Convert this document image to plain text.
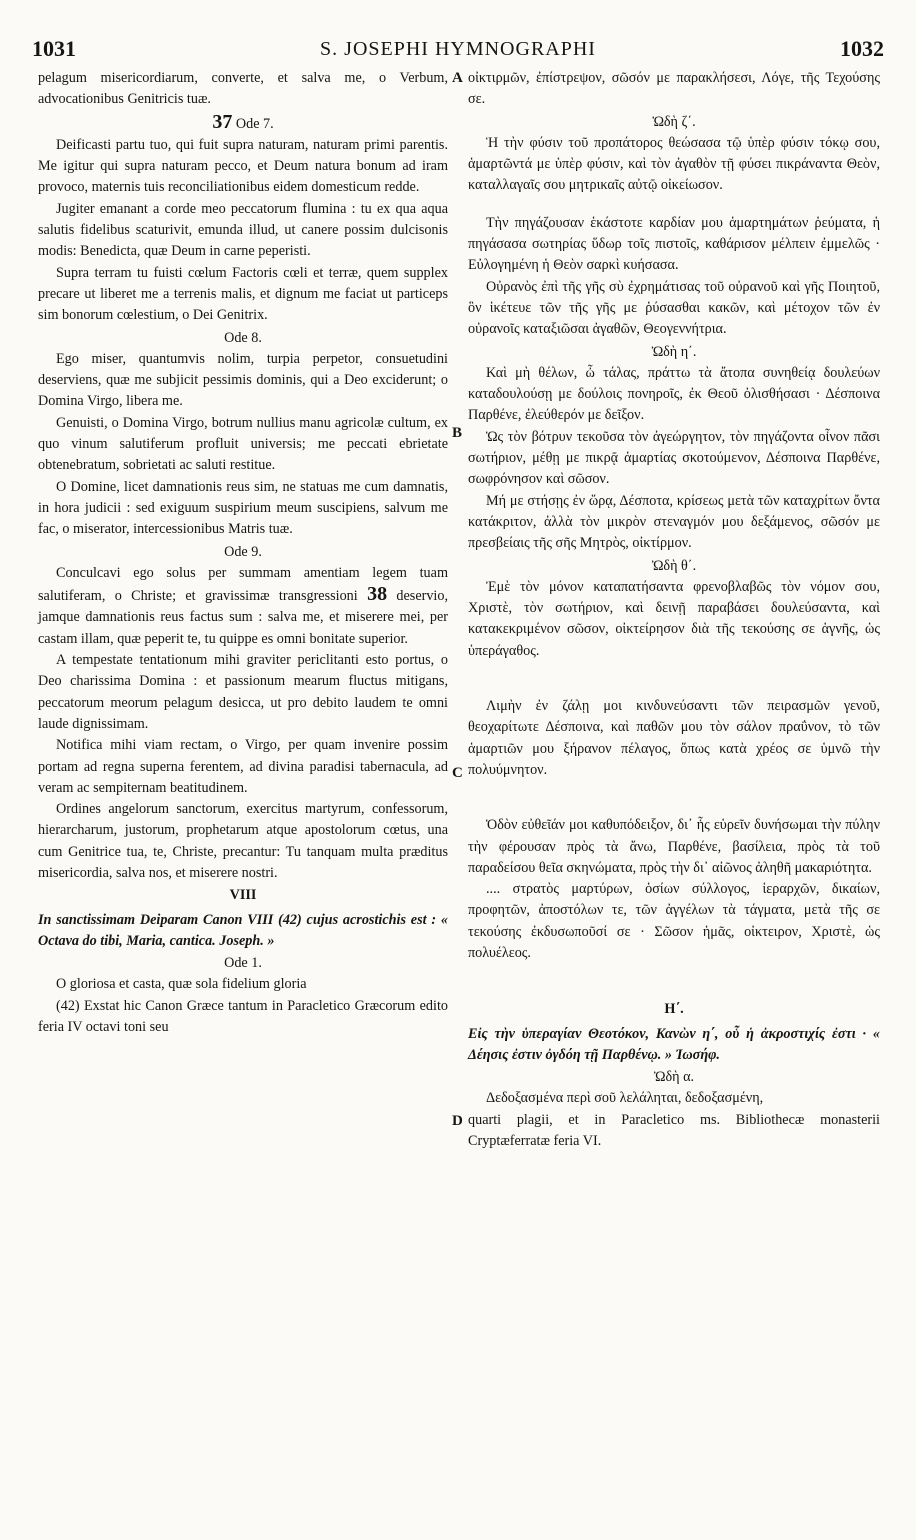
1031	S. JOSEPHI HYMNOGRAPHI	1032
A
B
C
D

pelagum misericordiarum, converte, et salva me, o Verbum, advocationibus Genitricis tuæ.

37 Ode 7.

Deificasti partu tuo, qui fuit supra naturam, naturam primi parentis. Me igitur qui supra naturam pecco, et Deum natura bonum ad iram provoco, maternis tuis reconciliationibus eidem domesticum redde.

Jugiter emanant a corde meo peccatorum flumina : tu ex qua aqua salutis fidelibus scaturivit, emunda illud, ut canere possim dulcisonis modis: Benedicta, quæ Deum in carne peperisti.

Supra terram tu fuisti cœlum Factoris cœli et terræ, quem supplex precare ut liberet me a terrenis malis, et dignum me faciat ut particeps sim bonorum cœlestium, o Dei Genitrix.

Ode 8.

Ego miser, quantumvis nolim, turpia perpetor, consuetudini deserviens, quæ me subjicit pessimis dominis, qui a Deo exciderunt; o Domina Virgo, libera me.

Genuisti, o Domina Virgo, botrum nullius manu agricolæ cultum, ex quo vinum salutiferum profluit universis; me peccati ebrietate obtenebratum, sobrietati ac saluti restitue.

O Domine, licet damnationis reus sim, ne statuas me cum damnatis, in hora judicii : sed exiguum suspirium meum suscipiens, salvum me fac, o miserator, intercessionibus Matris tuæ.

Ode 9.

Conculcavi ego solus per summam amentiam legem tuam salutiferam, o Christe; et gravissimæ transgressioni 38 deservio, jamque damnationis reus factus sum : salva me, et miserere mei, per castam illam, quæ peperit te, tu quippe es omni bonitate superior.

A tempestate tentationum mihi graviter periclitanti esto portus, o Deo charissima Domina : et passionum mearum fluctus mitigans, peccatorum meorum pelagum desicca, ut pro debito laudem te omni laude dignissimam.

Notifica mihi viam rectam, o Virgo, per quam invenire possim portam ad regna superna ferentem, ad divina paradisi tabernacula, ad veram ac sempiternam beatitudinem.

Ordines angelorum sanctorum, exercitus martyrum, confessorum, hierarcharum, justorum, prophetarum atque apostolorum cœtus, una cum Genitrice tua, te, Christe, precantur: Tu tanquam multa præditus misericordia, salva nos, et miserere nostri.

VIII
In sanctissimam Deiparam Canon VIII (42) cujus acrostichis est : « Octava do tibi, Maria, cantica. Joseph. »
Ode 1.

O gloriosa et casta, quæ sola fidelium gloria

(42) Exstat hic Canon Græce tantum in Paracletico Græcorum edito feria IV octavi toni seu

οἰκτιρμῶν, ἐπίστρεψον, σῶσόν με παρακλήσεσι, Λόγε, τῆς Τεχούσης σε.

Ὠδὴ ζ΄.

Ἡ τὴν φύσιν τοῦ προπάτορος θεώσασα τῷ ὑπὲρ φύσιν τόκῳ σου, ἁμαρτῶντά με ὑπὲρ φύσιν, καὶ τὸν ἀγαθὸν τῇ φύσει πικράναντα Θεὸν, καταλλαγαῖς σου μητρικαῖς αὐτῷ οἰκείωσον.

Τὴν πηγάζουσαν ἑκάστοτε καρδίαν μου ἁμαρτημάτων ῥεύματα, ἡ πηγάσασα σωτηρίας ὕδωρ τοῖς πιστοῖς, καθάρισον μέλπειν ἐμμελῶς · Εὐλογημένη ἡ Θεὸν σαρκὶ κυήσασα.

Οὐρανὸς ἐπὶ τῆς γῆς σὺ ἐχρημάτισας τοῦ οὐρανοῦ καὶ γῆς Ποιητοῦ, ὃν ἱκέτευε τῶν τῆς γῆς με ῥύσασθαι κακῶν, καὶ μέτοχον τῶν ἐν οὐρανοῖς καταξιῶσαι ἀγαθῶν, Θεογεννήτρια.

Ὠδὴ η΄.

Καὶ μὴ θέλων, ὦ τάλας, πράττω τὰ ἄτοπα συνηθείᾳ δουλεύων καταδουλούσῃ με δούλοις πονηροῖς, ἐκ Θεοῦ ὀλισθήσασι · Δέσποινα Παρθένε, ἐλεύθερόν με δεῖξον.

Ὡς τὸν βότρυν τεκοῦσα τὸν ἀγεώργητον, τὸν πηγάζοντα οἶνον πᾶσι σωτήριον, μέθῃ με πικρᾷ ἁμαρτίας σκοτούμενον, Δέσποινα Παρθένε, σωφρόνησον καὶ σῶσον.

Μή με στήσῃς ἐν ὥρᾳ, Δέσποτα, κρίσεως μετὰ τῶν καταχρίτων ὄντα κατάκριτον, ἀλλὰ τὸν μικρὸν στεναγμόν μου δεξάμενος, σῶσόν με πρεσβείαις τῆς σῆς Μητρὸς, οἰκτίρμον.

Ὠδὴ θ΄.

Ἐμὲ τὸν μόνον καταπατήσαντα φρενοβλαβῶς τὸν νόμον σου, Χριστὲ, τὸν σωτήριον, καὶ δεινῇ παραβάσει δουλεύσαντα, καὶ κατακεκριμένον σῶσον, οἰκτείρησον διὰ τῆς τεκούσης σε ἁγνῆς, ὡς ὑπεράγαθος.

Λιμὴν ἐν ζάλῃ μοι κινδυνεύσαντι τῶν πειρασμῶν γενοῦ, θεοχαρίτωτε Δέσποινα, καὶ παθῶν μου τὸν σάλον πραΰνον, τὸ τῶν ἁμαρτιῶν μου ξήρανον πέλαγος, ὅπως κατὰ χρέος σε ὑμνῶ τὴν πολυύμνητον.

Ὁδὸν εὐθεῖάν μοι καθυπόδειξον, δι᾿ ἧς εὑρεῖν δυνήσωμαι τὴν πύλην τὴν φέρουσαν πρὸς τὰ ἄνω, Παρθένε, βασίλεια, πρὸς τὰ τοῦ παραδείσου θεῖα σκηνώματα, πρὸς τὴν δι᾿ αἰῶνος ἀληθῆ μακαριότητα.

.... στρατὸς μαρτύρων, ὁσίων σύλλογος, ἱεραρχῶν, δικαίων, προφητῶν, ἀποστόλων τε, τῶν ἀγγέλων τὰ τάγματα, μετὰ τῆς σε τεκούσης ἐκδυσωποῦσί σε · Σῶσον ἡμᾶς, οἰκτειρον, Χριστὲ, ὡς πολυέλεος.

Η΄.
Εἰς τὴν ὑπεραγίαν Θεοτόκον, Κανὼν η΄, οὗ ἡ ἀκροστιχίς ἐστι · « Δέησις ἐστιν ὀγδόη τῇ Παρθένῳ. » Ἰωσήφ.
Ὠδὴ α.

Δεδοξασμένα περὶ σοῦ λελάληται, δεδοξασμένη,

quarti plagii, et in Paracletico ms. Bibliothecæ monasterii Cryptæferratæ feria VI.
